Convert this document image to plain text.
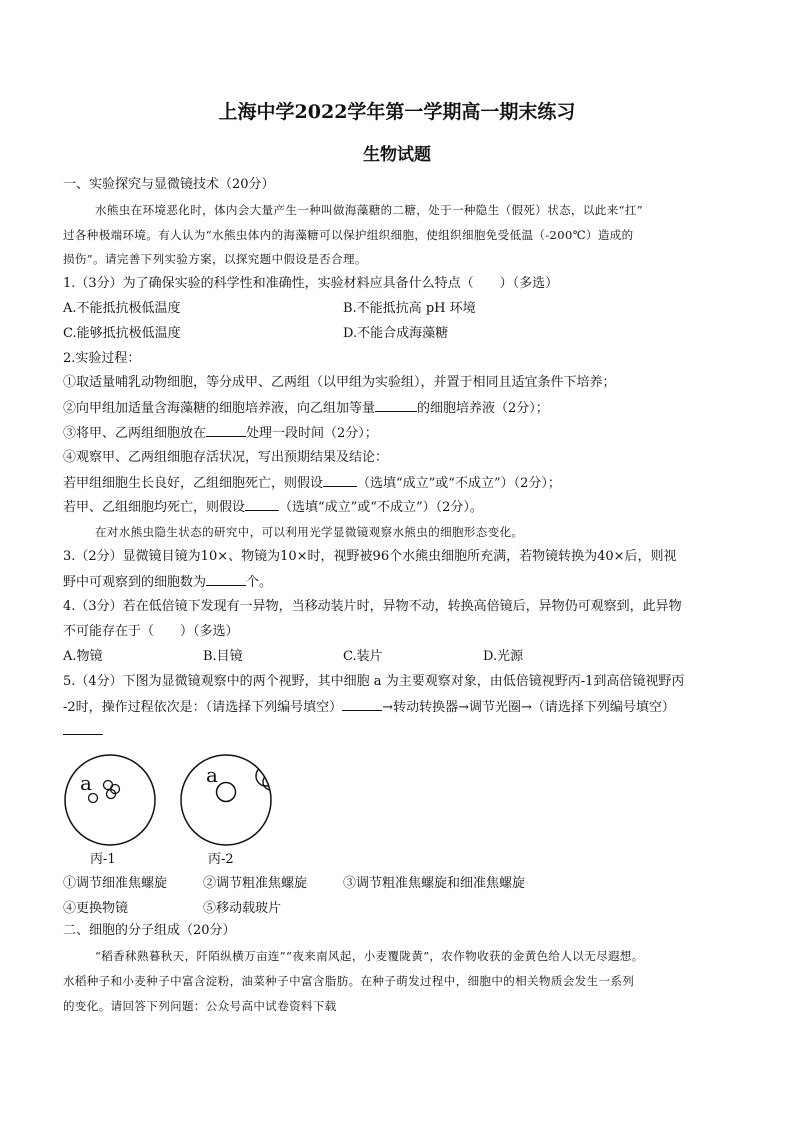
上海中学2022学年第一学期高一期末练习
生物试题
一、实验探究与显微镜技术（20分）
水熊虫在环境恶化时，体内会大量产生一种叫做海藻糖的二糖，处于一种隐生（假死）状态，以此来“扛”
过各种极端环境。有人认为“水熊虫体内的海藻糖可以保护组织细胞，使组织细胞免受低温（-200℃）造成的
损伤”。请完善下列实验方案，以探究题中假设是否合理。
1.（3分）为了确保实验的科学性和准确性，实验材料应具备什么特点（　　）（多选）
A.不能抵抗极低温度	B.不能抵抗高 pH 环境
C.能够抵抗极低温度	D.不能合成海藻糖
2.实验过程：
①取适量哺乳动物细胞，等分成甲、乙两组（以甲组为实验组），并置于相同且适宜条件下培养；
②向甲组加适量含海藻糖的细胞培养液，向乙组加等量	的细胞培养液（2分）；
③将甲、乙两组细胞放在	处理一段时间（2分）；
④观察甲、乙两组细胞存活状况，写出预期结果及结论：
若甲组细胞生长良好，乙组细胞死亡，则假设	（选填“成立”或“不成立”）（2分）；
若甲、乙组细胞均死亡，则假设	（选填“成立”或“不成立”）（2分）。
在对水熊虫隐生状态的研究中，可以利用光学显微镜观察水熊虫的细胞形态变化。
3.（2分）显微镜目镜为10×、物镜为10×时，视野被96个水熊虫细胞所充满，若物镜转换为40×后，则视
野中可观察到的细胞数为	个。
4.（3分）若在低倍镜下发现有一异物，当移动装片时，异物不动，转换高倍镜后，异物仍可观察到，此异物
不可能存在于（　　）（多选）
A.物镜	B.目镜	C.装片	D.光源
5.（4分）下图为显微镜观察中的两个视野，其中细胞 a 为主要观察对象，由低倍镜视野丙-1到高倍镜视野丙
-2时，操作过程依次是：（请选择下列编号填空）	→转动转换器→调节光圈→（请选择下列编号填空）
a
丙-1
a
丙-2
①调节细准焦螺旋	②调节粗准焦螺旋	③调节粗准焦螺旋和细准焦螺旋
④更换物镜	⑤移动载玻片
二、细胞的分子组成（20分）
“稻香秫熟暮秋天，阡陌纵横万亩连”“夜来南风起，小麦覆陇黄”，农作物收获的金黄色给人以无尽遐想。
水稻种子和小麦种子中富含淀粉，油菜种子中富含脂肪。在种子萌发过程中，细胞中的相关物质会发生一系列
的变化。请回答下列问题：公众号高中试卷资料下载
